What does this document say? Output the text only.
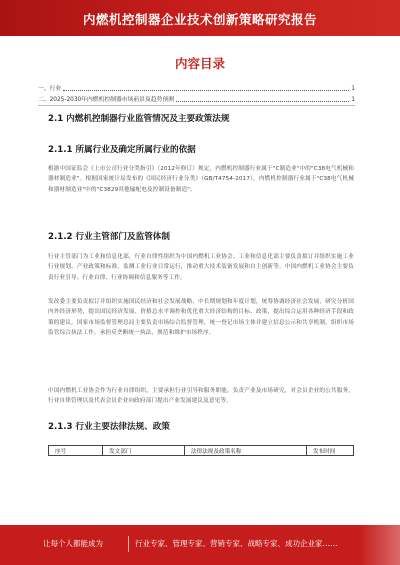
内燃机控制器企业技术创新策略研究报告
内容目录
一、行业	1
二、2025-2030年内燃机控制器市场前景及趋势预测	1
2.1 内燃机控制器行业监管情况及主要政策法规
2.1.1 所属行业及确定所属行业的依据
根据中国证监会《上市公司行业分类指引》（2012年修订）规定，内燃机控制器行业属于"C制造业"中的"C38电气机械和器材制造业"。根据国家统计局发布的《国民经济行业分类》（GB/T4754-2017），内燃机控制器行业属于"C38电气机械和器材制造业"中的"C3829其他输配电及控制设备制造"。
2.1.2 行业主管部门及监管体制
行业主管部门为工业和信息化部，行业自律性组织为中国内燃机工业协会。工业和信息化部主要负责拟订并组织实施工业行业规划、产业政策和标准，监测工业行业日常运行，推动重大技术装备发展和自主创新等。中国内燃机工业协会主要负责行业引导、行业自律、行业协调和信息服务等工作。
发改委主要负责拟订并组织实施国民经济和社会发展战略、中长期规划和年度计划，统筹协调经济社会发展，研究分析国内外经济形势，提出国民经济发展、价格总水平调控和优化重大经济结构的目标、政策，提出综合运用各种经济手段和政策的建议。国家市场监督管理总局主要负责市场综合监督管理，统一登记市场主体并建立信息公示和共享机制，组织市场监管综合执法工作，承担反垄断统一执法，规范和维护市场秩序。
中国内燃机工业协会作为行业自律组织，主要承担行业引导和服务职能，负责产业及市场研究，对会员企业的公共服务，行业自律管理以及代表会员企业向政府部门提出产业发展建议及意见等。
2.1.3 行业主要法律法规、政策
序号	发文部门	法律法规及政策名称	发布时间
让每个人都能成为	行业专家、管理专家、营销专家、战略专家、成功企业家……
